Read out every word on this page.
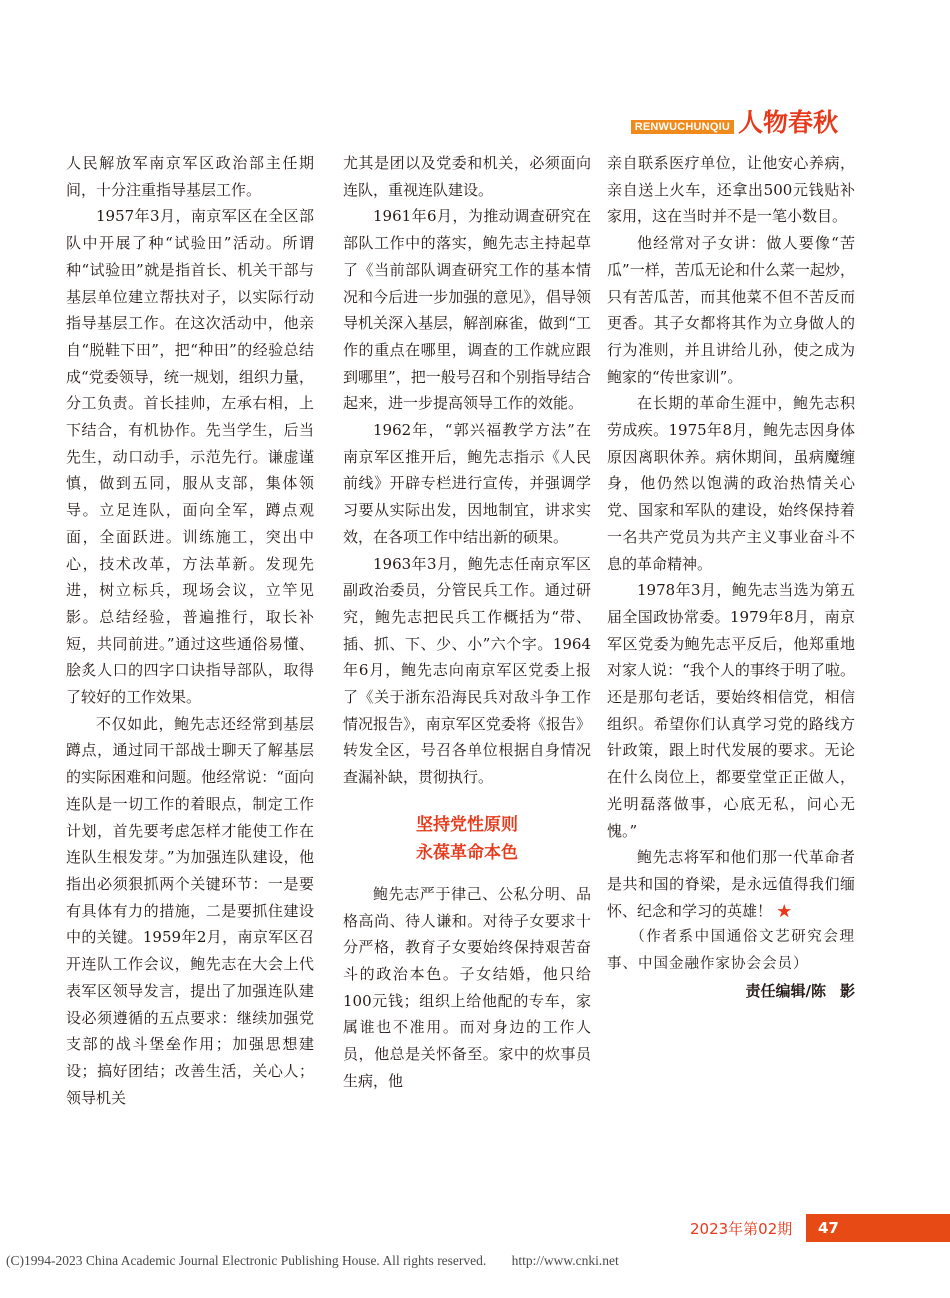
RENWUCHUNQIU 人物春秋

人民解放军南京军区政治部主任期间，十分注重指导基层工作。

1957年3月，南京军区在全区部队中开展了种“试验田”活动。所谓种“试验田”就是指首长、机关干部与基层单位建立帮扶对子，以实际行动指导基层工作。在这次活动中，他亲自“脱鞋下田”，把“种田”的经验总结成“党委领导，统一规划，组织力量，分工负责。首长挂帅，左承右相，上下结合，有机协作。先当学生，后当先生，动口动手，示范先行。谦虚谨慎，做到五同，服从支部，集体领导。立足连队，面向全军，蹲点观面，全面跃进。训练施工，突出中心，技术改革，方法革新。发现先进，树立标兵，现场会议，立竿见影。总结经验，普遍推行，取长补短，共同前进。”通过这些通俗易懂、脍炙人口的四字口诀指导部队，取得了较好的工作效果。

不仅如此，鲍先志还经常到基层蹲点，通过同干部战士聊天了解基层的实际困难和问题。他经常说：“面向连队是一切工作的着眼点，制定工作计划，首先要考虑怎样才能使工作在连队生根发芽。”为加强连队建设，他指出必须狠抓两个关键环节：一是要有具体有力的措施，二是要抓住建设中的关键。1959年2月，南京军区召开连队工作会议，鲍先志在大会上代表军区领导发言，提出了加强连队建设必须遵循的五点要求：继续加强党支部的战斗堡垒作用；加强思想建设；搞好团结；改善生活，关心人；领导机关

尤其是团以及党委和机关，必须面向连队，重视连队建设。

1961年6月，为推动调查研究在部队工作中的落实，鲍先志主持起草了《当前部队调查研究工作的基本情况和今后进一步加强的意见》，倡导领导机关深入基层，解剖麻雀，做到“工作的重点在哪里，调查的工作就应跟到哪里”，把一般号召和个别指导结合起来，进一步提高领导工作的效能。

1962年，“郭兴福教学方法”在南京军区推开后，鲍先志指示《人民前线》开辟专栏进行宣传，并强调学习要从实际出发，因地制宜，讲求实效，在各项工作中结出新的硕果。

1963年3月，鲍先志任南京军区副政治委员，分管民兵工作。通过研究，鲍先志把民兵工作概括为“带、插、抓、下、少、小”六个字。1964年6月，鲍先志向南京军区党委上报了《关于浙东沿海民兵对敌斗争工作情况报告》，南京军区党委将《报告》转发全区，号召各单位根据自身情况查漏补缺，贯彻执行。

坚持党性原则
永葆革命本色

鲍先志严于律己、公私分明、品格高尚、待人谦和。对待子女要求十分严格，教育子女要始终保持艰苦奋斗的政治本色。子女结婚，他只给100元钱；组织上给他配的专车，家属谁也不准用。而对身边的工作人员，他总是关怀备至。家中的炊事员生病，他

亲自联系医疗单位，让他安心养病，亲自送上火车，还拿出500元钱贴补家用，这在当时并不是一笔小数目。

他经常对子女讲：做人要像“苦瓜”一样，苦瓜无论和什么菜一起炒，只有苦瓜苦，而其他菜不但不苦反而更香。其子女都将其作为立身做人的行为准则，并且讲给儿孙，使之成为鲍家的“传世家训”。

在长期的革命生涯中，鲍先志积劳成疾。1975年8月，鲍先志因身体原因离职休养。病休期间，虽病魔缠身，他仍然以饱满的政治热情关心党、国家和军队的建设，始终保持着一名共产党员为共产主义事业奋斗不息的革命精神。

1978年3月，鲍先志当选为第五届全国政协常委。1979年8月，南京军区党委为鲍先志平反后，他郑重地对家人说：“我个人的事终于明了啦。还是那句老话，要始终相信党，相信组织。希望你们认真学习党的路线方针政策，跟上时代发展的要求。无论在什么岗位上，都要堂堂正正做人，光明磊落做事，心底无私，问心无愧。”

鲍先志将军和他们那一代革命者是共和国的脊梁，是永远值得我们缅怀、纪念和学习的英雄！ ★

（作者系中国通俗文艺研究会理事、中国金融作家协会会员）

责任编辑/陈影

2023年第02期	47
(C)1994-2023 China Academic Journal Electronic Publishing House. All rights reserved. http://www.cnki.net
